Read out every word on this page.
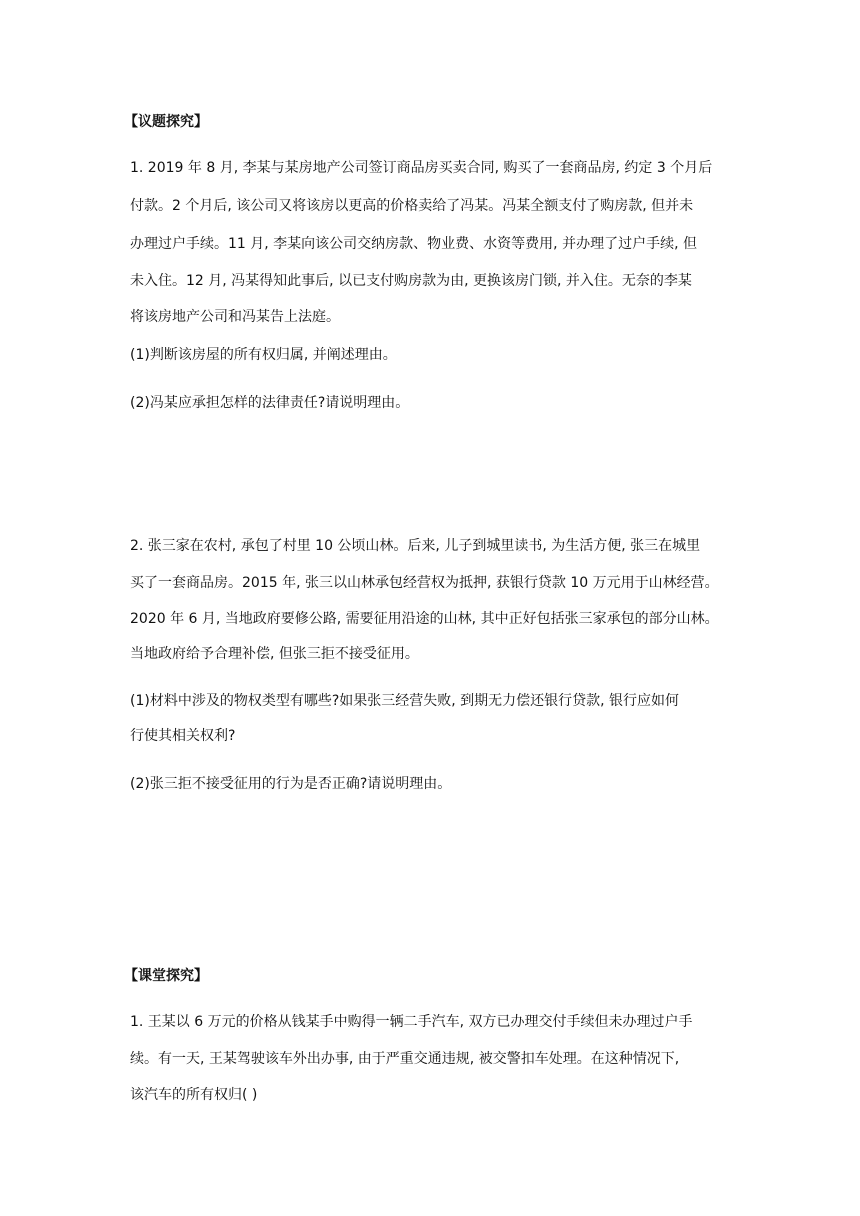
【议题探究】
1. 2019 年 8 月, 李某与某房地产公司签订商品房买卖合同, 购买了一套商品房, 约定 3 个月后
付款。2 个月后, 该公司又将该房以更高的价格卖给了冯某。冯某全额支付了购房款, 但并未
办理过户手续。11 月, 李某向该公司交纳房款、物业费、水资等费用, 并办理了过户手续, 但
未入住。12 月, 冯某得知此事后, 以已支付购房款为由, 更换该房门锁, 并入住。无奈的李某
将该房地产公司和冯某告上法庭。
(1)判断该房屋的所有权归属, 并阐述理由。
(2)冯某应承担怎样的法律责任?请说明理由。
2. 张三家在农村, 承包了村里 10 公顷山林。后来, 儿子到城里读书, 为生活方便, 张三在城里
买了一套商品房。2015 年, 张三以山林承包经营权为抵押, 获银行贷款 10 万元用于山林经营。
2020 年 6 月, 当地政府要修公路, 需要征用沿途的山林, 其中正好包括张三家承包的部分山林。
当地政府给予合理补偿, 但张三拒不接受征用。
(1)材料中涉及的物权类型有哪些?如果张三经营失败, 到期无力偿还银行贷款, 银行应如何
行使其相关权利?
(2)张三拒不接受征用的行为是否正确?请说明理由。
【课堂探究】
1. 王某以 6 万元的价格从钱某手中购得一辆二手汽车, 双方已办理交付手续但未办理过户手
续。有一天, 王某驾驶该车外出办事, 由于严重交通违规, 被交警扣车处理。在这种情况下,
该汽车的所有权归( )
